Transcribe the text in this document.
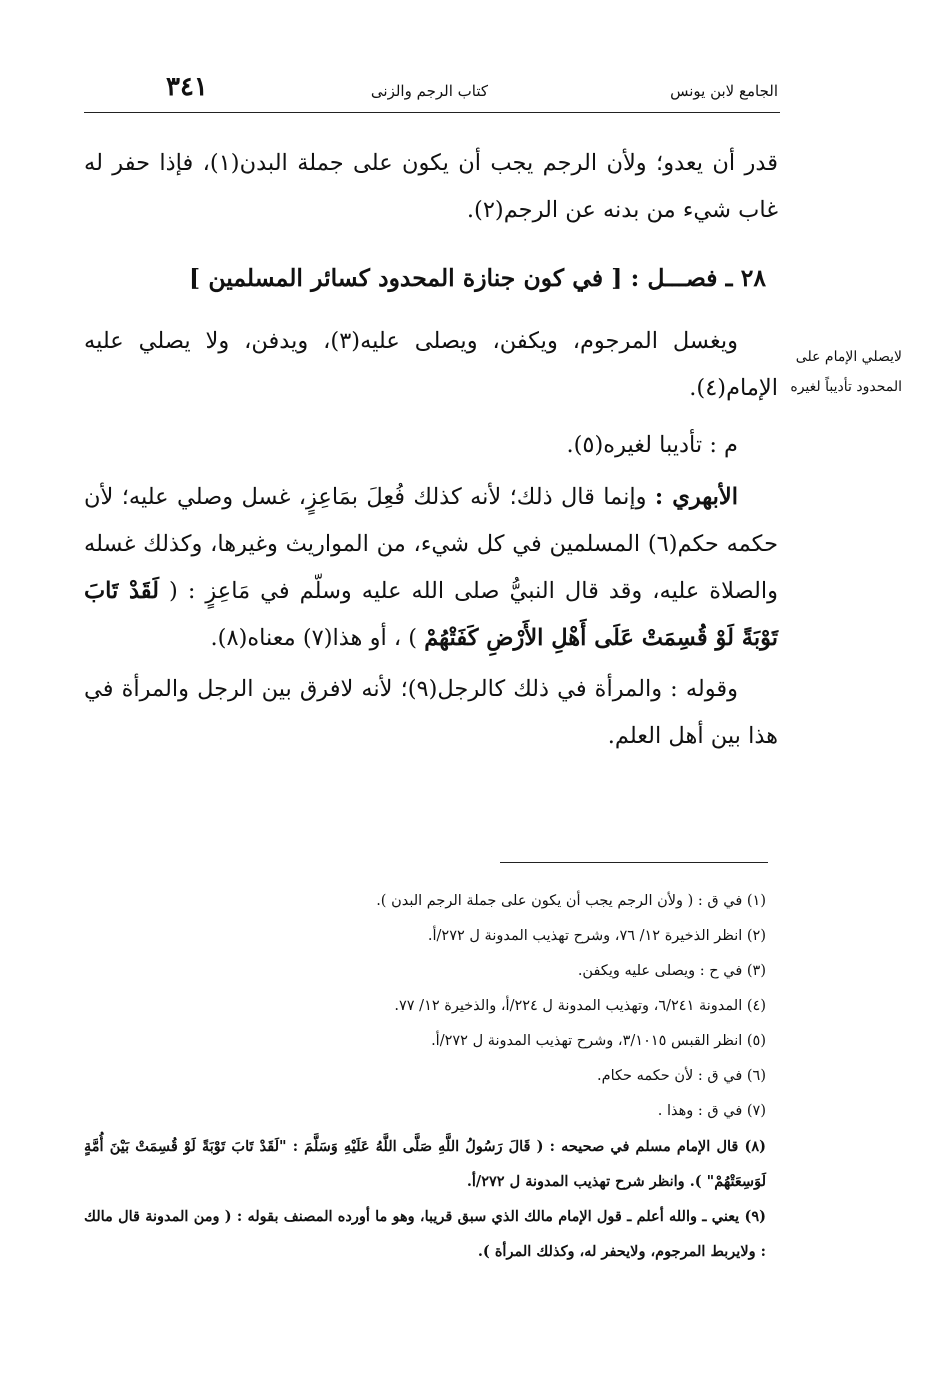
الجامع لابن يونس
كتاب الرجم والزنى
٣٤١

قدر أن يعدو؛ ولأن الرجم يجب أن يكون على جملة البدن(١)، فإذا حفر له غاب شيء من بدنه عن الرجم(٢).

٢٨ ـ فصـــل : [ في كون جنازة المحدود كسائر المسلمين ]

ويغسل المرجوم، ويكفن، ويصلى عليه(٣)، ويدفن، ولا يصلي عليه الإمام(٤).

لايصلي الإمام على المحدود تأديباً لغيره

م : تأديبا لغيره(٥).

الأبهري : وإنما قال ذلك؛ لأنه كذلك فُعِلَ بمَاعِزٍ، غسل وصلي عليه؛ لأن حكمه حكم(٦) المسلمين في كل شيء، من المواريث وغيرها، وكذلك غسله والصلاة عليه، وقد قال النبيُّ صلى الله عليه وسلّم في مَاعِزٍ : ( لَقَدْ تَابَ تَوْبَةً لَوْ قُسِمَتْ عَلَى أَهْلِ الأَرْضِ كَفَتْهُمْ ) ، أو هذا(٧) معناه(٨).

وقوله : والمرأة في ذلك كالرجل(٩)؛ لأنه لافرق بين الرجل والمرأة في هذا بين أهل العلم.

(١) في ق : ( ولأن الرجم يجب أن يكون على جملة الرجم البدن ).

(٢) انظر الذخيرة ١٢/ ٧٦، وشرح تهذيب المدونة ل ٢٧٢/أ.

(٣) في ح : ويصلى عليه ويكفن.

(٤) المدونة ٦/٢٤١، وتهذيب المدونة ل ٢٢٤/أ، والذخيرة ١٢/ ٧٧.

(٥) انظر القبس ٣/١٠١٥، وشرح تهذيب المدونة ل ٢٧٢/أ.

(٦) في ق : لأن حكمه حكام.

(٧) في ق : وهذا .

(٨) قال الإمام مسلم في صحيحه : ( قَالَ رَسُولُ اللَّهِ صَلَّى اللَّهُ عَلَيْهِ وَسَلَّمَ : "لَقَدْ تَابَ تَوْبَةً لَوْ قُسِمَتْ بَيْنَ أُمَّةٍ لَوَسِعَتْهُمْ" ). وانظر شرح تهذيب المدونة ل ٢٧٢/أ.

(٩) يعني ـ والله أعلم ـ قول الإمام مالك الذي سبق قريبا، وهو ما أورده المصنف بقوله : ( ومن المدونة قال مالك : ولايربط المرجوم، ولايحفر له، وكذلك المرأة ).
